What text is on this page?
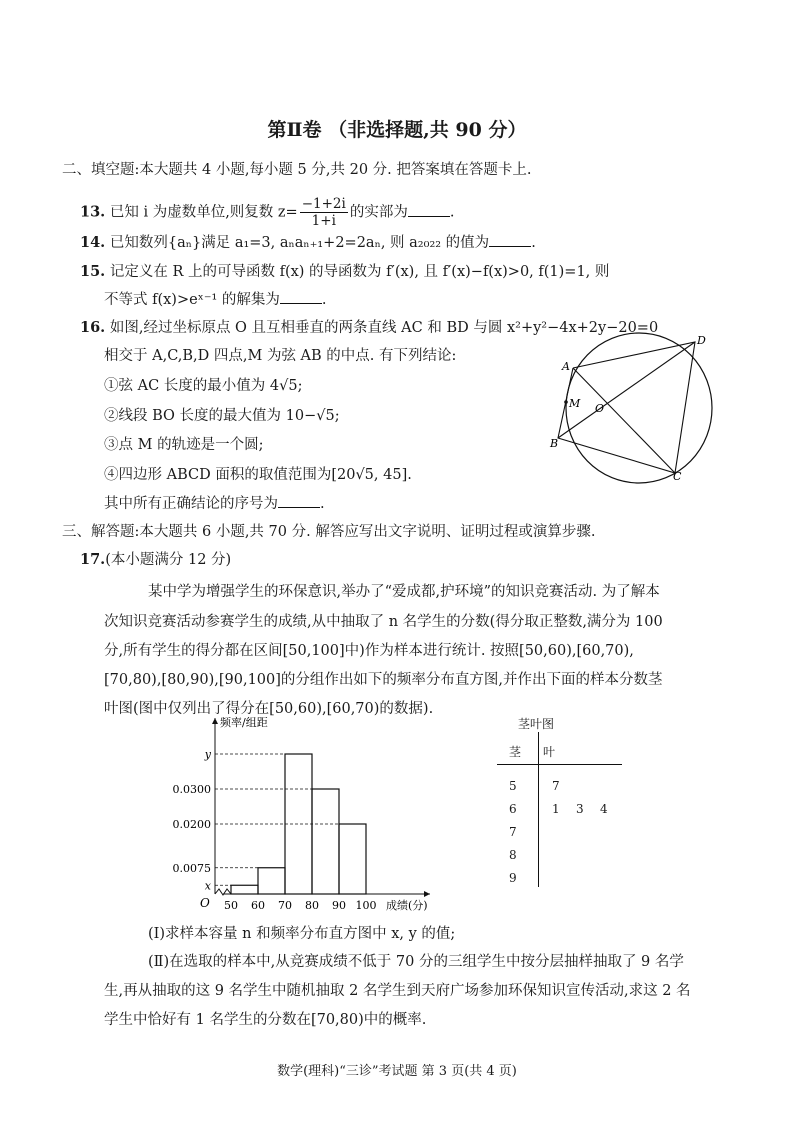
第Ⅱ卷 （非选择题,共 90 分）
二、填空题:本大题共 4 小题,每小题 5 分,共 20 分. 把答案填在答题卡上.
13. 已知 i 为虚数单位,则复数 $z= \frac{-1+2i}{1+i}$ 的实部为	.
14. 已知数列{aₙ}满足 a₁=3, aₙaₙ₊₁+2=2aₙ, 则 a₂₀₂₂ 的值为	.
15. 记定义在 R 上的可导函数 f(x) 的导函数为 f′(x), 且 f′(x)−f(x)>0, f(1)=1, 则
不等式 f(x)>eˣ⁻¹ 的解集为	.
16. 如图,经过坐标原点 O 且互相垂直的两条直线 AC 和 BD 与圆 x²+y²−4x+2y−20=0
相交于 A,C,B,D 四点,M 为弦 AB 的中点. 有下列结论:
①弦 AC 长度的最小值为 4√5;
②线段 BO 长度的最大值为 10−√5;
③点 M 的轨迹是一个圆;
④四边形 ABCD 面积的取值范围为[20√5, 45].
其中所有正确结论的序号为	.
A
D
M O
B
C
三、解答题:本大题共 6 小题,共 70 分. 解答应写出文字说明、证明过程或演算步骤.
17.(本小题满分 12 分)
某中学为增强学生的环保意识,举办了“爱成都,护环境”的知识竞赛活动. 为了解本
次知识竞赛活动参赛学生的成绩,从中抽取了 n 名学生的分数(得分取正整数,满分为 100
分,所有学生的得分都在区间[50,100]中)作为样本进行统计. 按照[50,60),[60,70),
[70,80),[80,90),[90,100]的分组作出如下的频率分布直方图,并作出下面的样本分数茎
叶图(图中仅列出了得分在[50,60),[60,70)的数据).
x
0.0075
0.0200
0.0300
y
50 60 70 80 90 100
频率/组距
成绩(分)
O
茎叶图
茎 叶
5	7
6	1 3 4
7
8
9
(Ⅰ)求样本容量 n 和频率分布直方图中 x, y 的值;
(Ⅱ)在选取的样本中,从竞赛成绩不低于 70 分的三组学生中按分层抽样抽取了 9 名学
生,再从抽取的这 9 名学生中随机抽取 2 名学生到天府广场参加环保知识宣传活动,求这 2 名
学生中恰好有 1 名学生的分数在[70,80)中的概率.
数学(理科)“三诊”考试题 第 3 页(共 4 页)
